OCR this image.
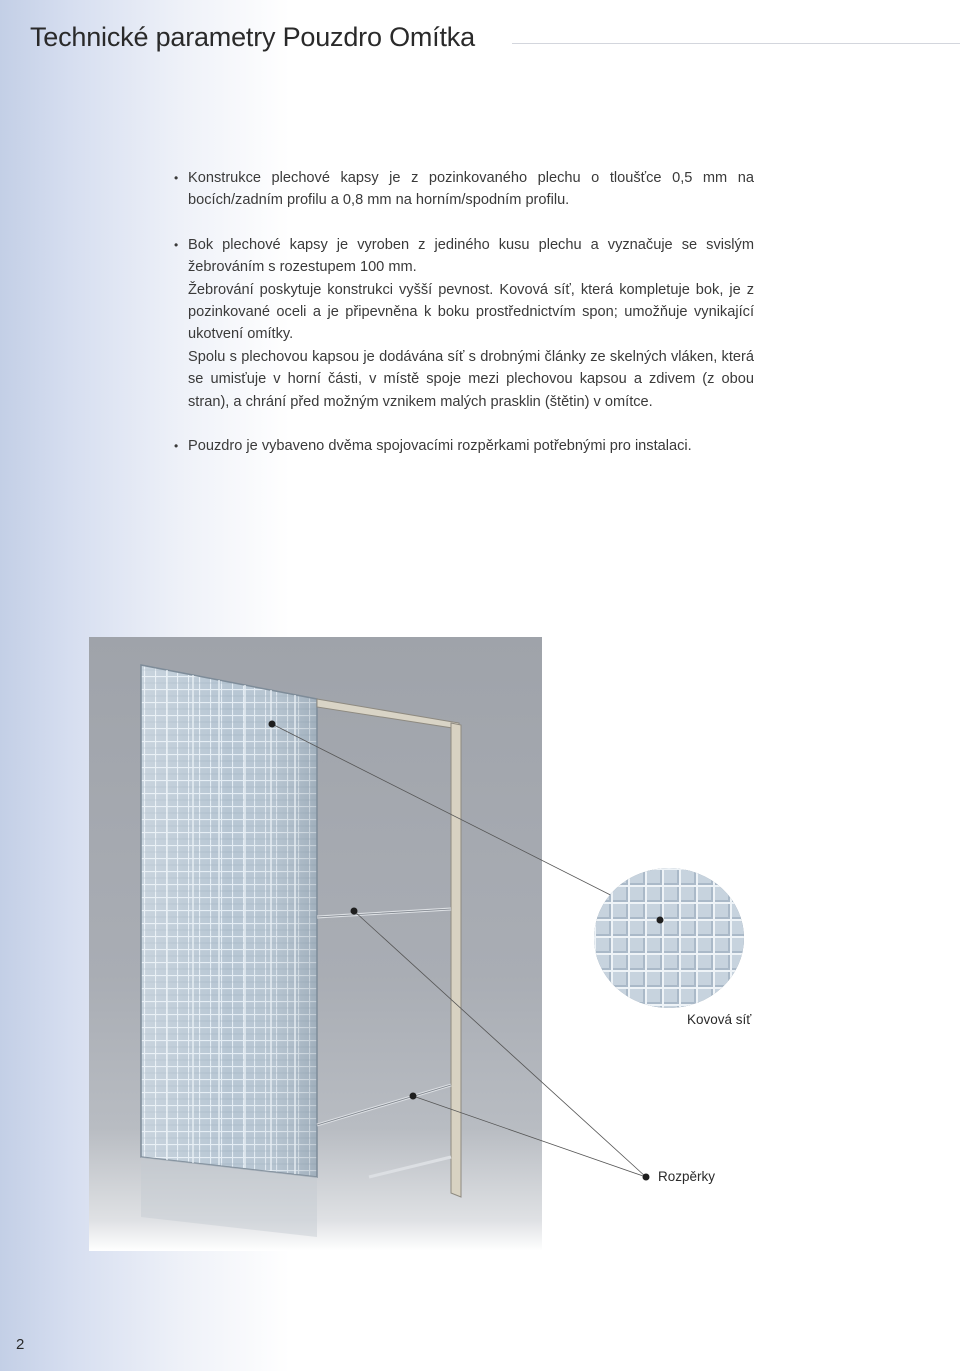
Technické parametry Pouzdro Omítka

• Konstrukce plechové kapsy je z pozinkovaného plechu o tloušťce 0,5 mm na bocích/zadním profilu a 0,8 mm na horním/spodním profilu.

• Bok plechové kapsy je vyroben z jediného kusu plechu a vyznačuje se svislým žebrováním s rozestupem 100 mm.

Žebrování poskytuje konstrukci vyšší pevnost. Kovová síť, která kompletuje bok, je z pozinkované oceli a je připevněna k boku prostřednictvím spon; umožňuje vynikající ukotvení omítky.

Spolu s plechovou kapsou je dodávána síť s drobnými články ze skelných vláken, která se umisťuje v horní části, v místě spoje mezi plechovou kapsou a zdivem (z obou stran), a chrání před možným vznikem malých prasklin (štětin) v omítce.

• Pouzdro je vybaveno dvěma spojovacími rozpěrkami potřebnými pro instalaci.

Kovová síť
Rozpěrky
2
